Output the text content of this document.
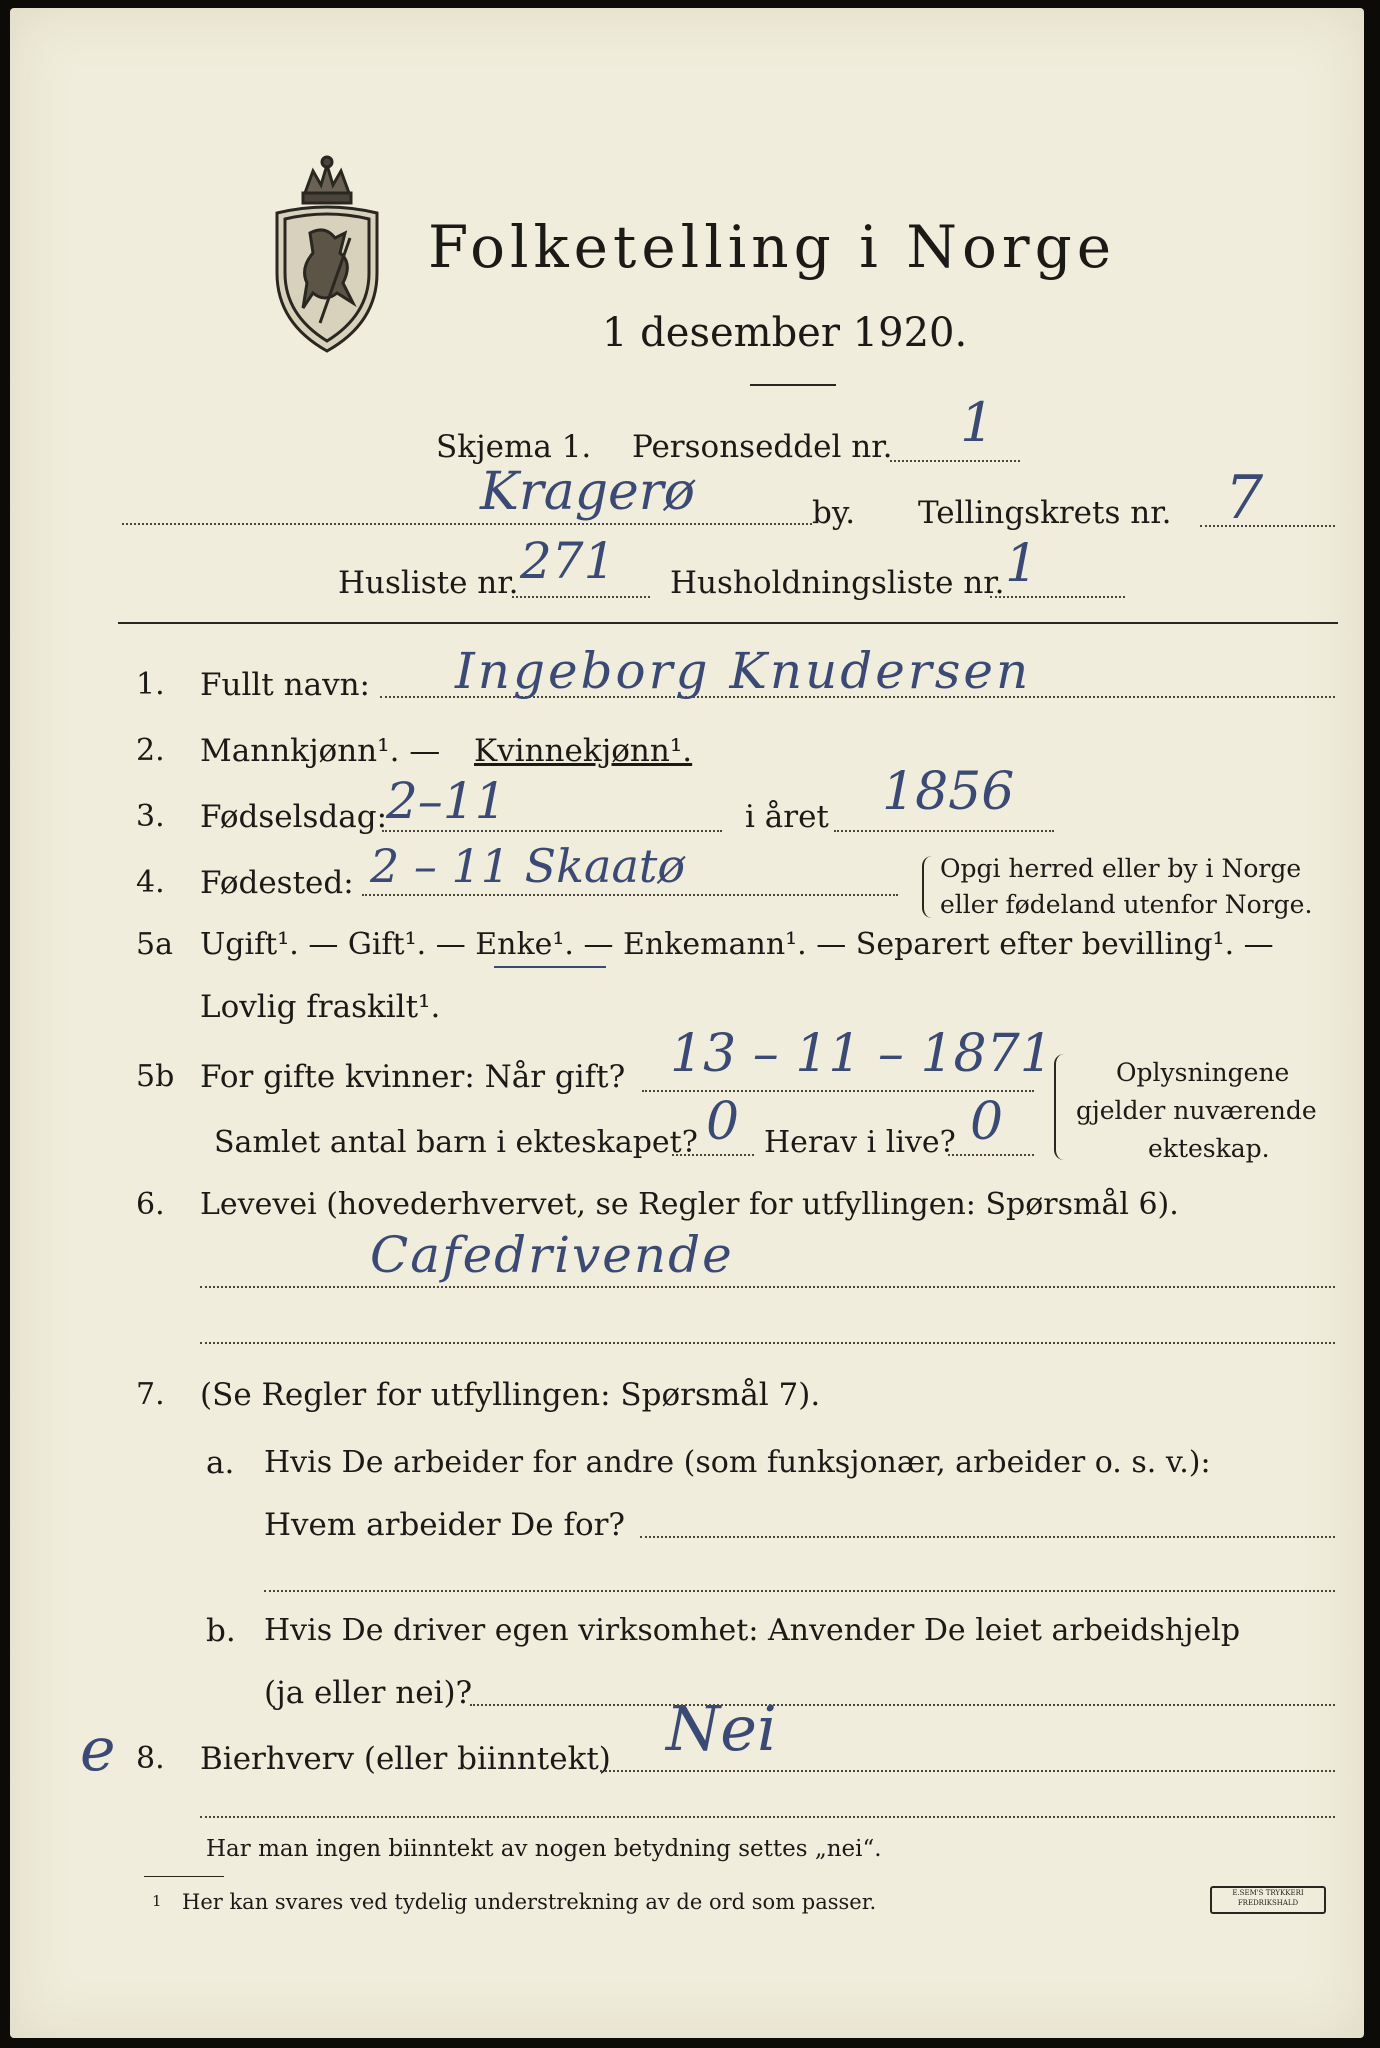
Folketelling i Norge
1 desember 1920.
Skjema 1. Personseddel nr. 1
Kragerø	by. Tellingskrets nr. 7
Husliste nr. 271 Husholdningsliste nr. 1
1. Fullt navn: Ingeborg Knudersen
2. Mannkjønn¹. — Kvinnekjønn¹.
3. Fødselsdag:
2–11	i året 1856
4. Fødested: 2 – 11 Skaatø	Opgi herred eller by i Norge
eller fødeland utenfor Norge.
5a Ugift¹. — Gift¹. — Enke¹. — Enkemann¹. — Separert efter bevilling¹. —
Lovlig fraskilt¹.
5b For gifte kvinner: Når gift? 13 – 11 – 1871
Samlet antal barn i ekteskapet? 0 Herav i live? 0
Oplysningene
gjelder nuværende
ekteskap.
6. Levevei (hovederhvervet, se Regler for utfyllingen: Spørsmål 6).
Cafedrivende
7. (Se Regler for utfyllingen: Spørsmål 7).
a. Hvis De arbeider for andre (som funksjonær, arbeider o. s. v.):
Hvem arbeider De for?
b. Hvis De driver egen virksomhet: Anvender De leiet arbeidshjelp
(ja eller nei)?
e 8. Bierhverv (eller biinntekt) Nei
Har man ingen biinntekt av nogen betydning settes „nei“.
1 Her kan svares ved tydelig understrekning av de ord som passer.	E.SEM'S TRYKKERI FREDRIKSHALD
